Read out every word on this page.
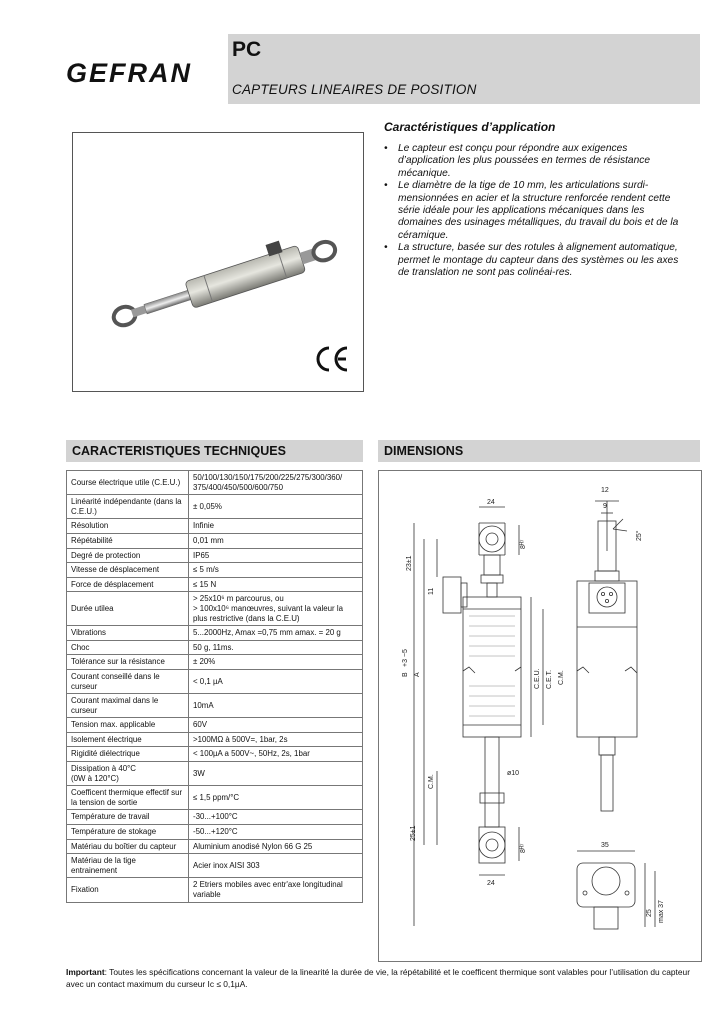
GEFRAN
PC
CAPTEURS LINEAIRES DE POSITION
Caractéristiques d’application
• Le capteur est conçu pour répondre aux exigences d’application les plus poussées en termes de résistance mécanique.
• Le diamètre de la tige de 10 mm, les articulations surdi-mensionnées en acier et la structure renforcée rendent cette série idéale pour les applications mécaniques dans les domaines des usinages métalliques, du travail du bois et de la céramique.
• La structure, basée sur des rotules à alignement automatique, permet le montage du capteur dans des systèmes ou les axes de translation ne sont pas colinéai-res.
CARACTERISTIQUES TECHNIQUES	DIMENSIONS
Course électrique utile (C.E.U.)	50/100/130/150/175/200/225/275/300/360/ 375/400/450/500/600/750
Linéarité indépendante (dans la C.E.U.)	± 0,05%
Résolution	Infinie
Répétabilité	0,01 mm
Degré de protection	IP65
Vitesse de désplacement	≤ 5 m/s
Force de désplacement	≤ 15 N
Durée utilea	> 25x10⁶ m parcourus, ou
> 100x10⁶ manœuvres, suivant la valeur la plus restrictive (dans la C.E.U)
Vibrations	5...2000Hz, Amax =0,75 mm amax. = 20 g
Choc	50 g, 11ms.
Tolérance sur la résistance	± 20%
Courant conseillé dans le curseur	< 0,1 µA
Courant maximal dans le curseur	10mA
Tension max. applicable	60V
Isolement électrique	>100MΩ à 500V=, 1bar, 2s
Rigidité diélectrique	< 100µA a 500V~, 50Hz, 2s, 1bar
Dissipation à 40°C
(0W à 120°C)	3W
Coefficent thermique effectif sur la tension de sortie	≤ 1,5 ppm/°C
Température de travail	-30...+100°C
Température de stokage	-50...+120°C
Matériau du boîtier du capteur	Aluminium anodisé Nylon 66 G 25
Matériau de la tige entrainement	Acier inox AISI 303
Fixation	2 Etriers mobiles avec entr'axe longitudinal variable
24
12
9
25°
8ᴴ⁷
23±1
11
C.E.U. C.E.T. C.M.
B
+3 −5
A
C.M.
ø10
25±1
8ᴴ⁷
24
35
25 max 37
Important: Toutes les spécifications concernant la valeur de la linearité la durée de vie, la répétabilité et le coefficent thermique sont valables pour l’utilisation du capteur avec un contact maximum du curseur Ic ≤ 0,1µA.
